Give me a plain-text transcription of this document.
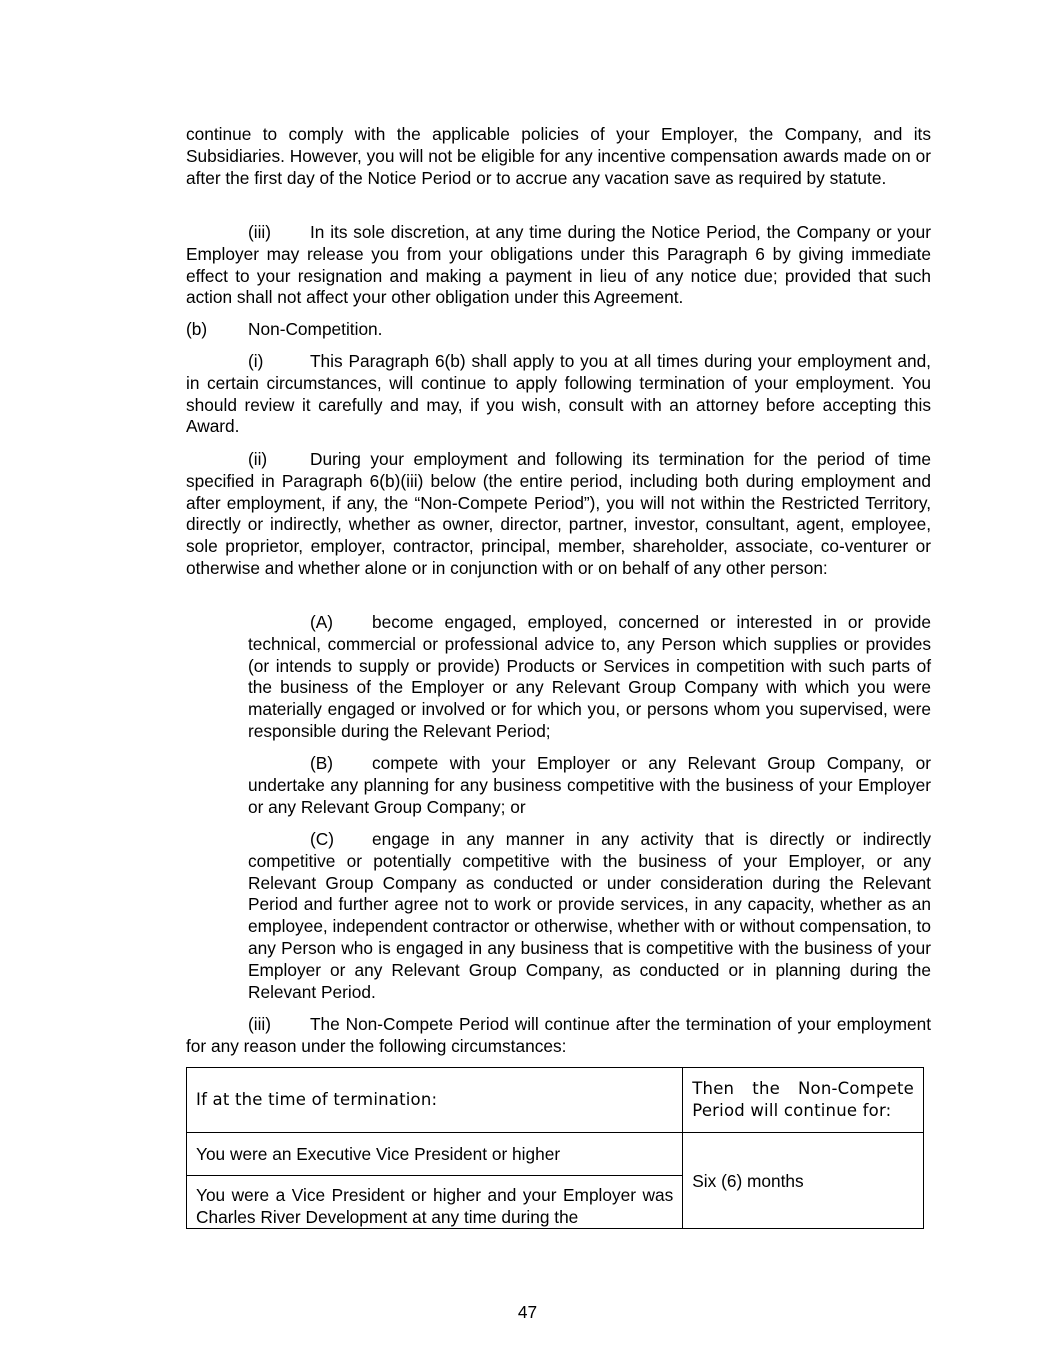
continue to comply with the applicable policies of your Employer, the Company, and its Subsidiaries. However, you will not be eligible for any incentive compensation awards made on or after the first day of the Notice Period or to accrue any vacation save as required by statute.

(iii) In its sole discretion, at any time during the Notice Period, the Company or your Employer may release you from your obligations under this Paragraph 6 by giving immediate effect to your resignation and making a payment in lieu of any notice due; provided that such action shall not affect your other obligation under this Agreement.

(b) Non-Competition.

(i)	This Paragraph 6(b) shall apply to you at all times during your employment and, in certain circumstances, will continue to apply following termination of your employment. You should review it carefully and may, if you wish, consult with an attorney before accepting this Award.

(ii) During your employment and following its termination for the period of time specified in Paragraph 6(b)(iii) below (the entire period, including both during employment and after employment, if any, the “Non-Compete Period”), you will not within the Restricted Territory, directly or indirectly, whether as owner, director, partner, investor, consultant, agent, employee, sole proprietor, employer, contractor, principal, member, shareholder, associate, co-venturer or otherwise and whether alone or in conjunction with or on behalf of any other person:

(A) become engaged, employed, concerned or interested in or provide technical, commercial or professional advice to, any Person which supplies or provides (or intends to supply or provide) Products or Services in competition with such parts of the business of the Employer or any Relevant Group Company with which you were materially engaged or involved or for which you, or persons whom you supervised, were responsible during the Relevant Period;

(B) compete with your Employer or any Relevant Group Company, or undertake any planning for any business competitive with the business of your Employer or any Relevant Group Company; or

(C) engage in any manner in any activity that is directly or indirectly competitive or potentially competitive with the business of your Employer, or any Relevant Group Company as conducted or under consideration during the Relevant Period and further agree not to work or provide services, in any capacity, whether as an employee, independent contractor or otherwise, whether with or without compensation, to any Person who is engaged in any business that is competitive with the business of your Employer or any Relevant Group Company, as conducted or in planning during the Relevant Period.

(iii) The Non-Compete Period will continue after the termination of your employment for any reason under the following circumstances:

If at the time of termination:	Then the Non-Compete Period will continue for:
You were an Executive Vice President or higher	Six (6) months

You were a Vice President or higher and your Employer was Charles River Development at any time during the	
47
